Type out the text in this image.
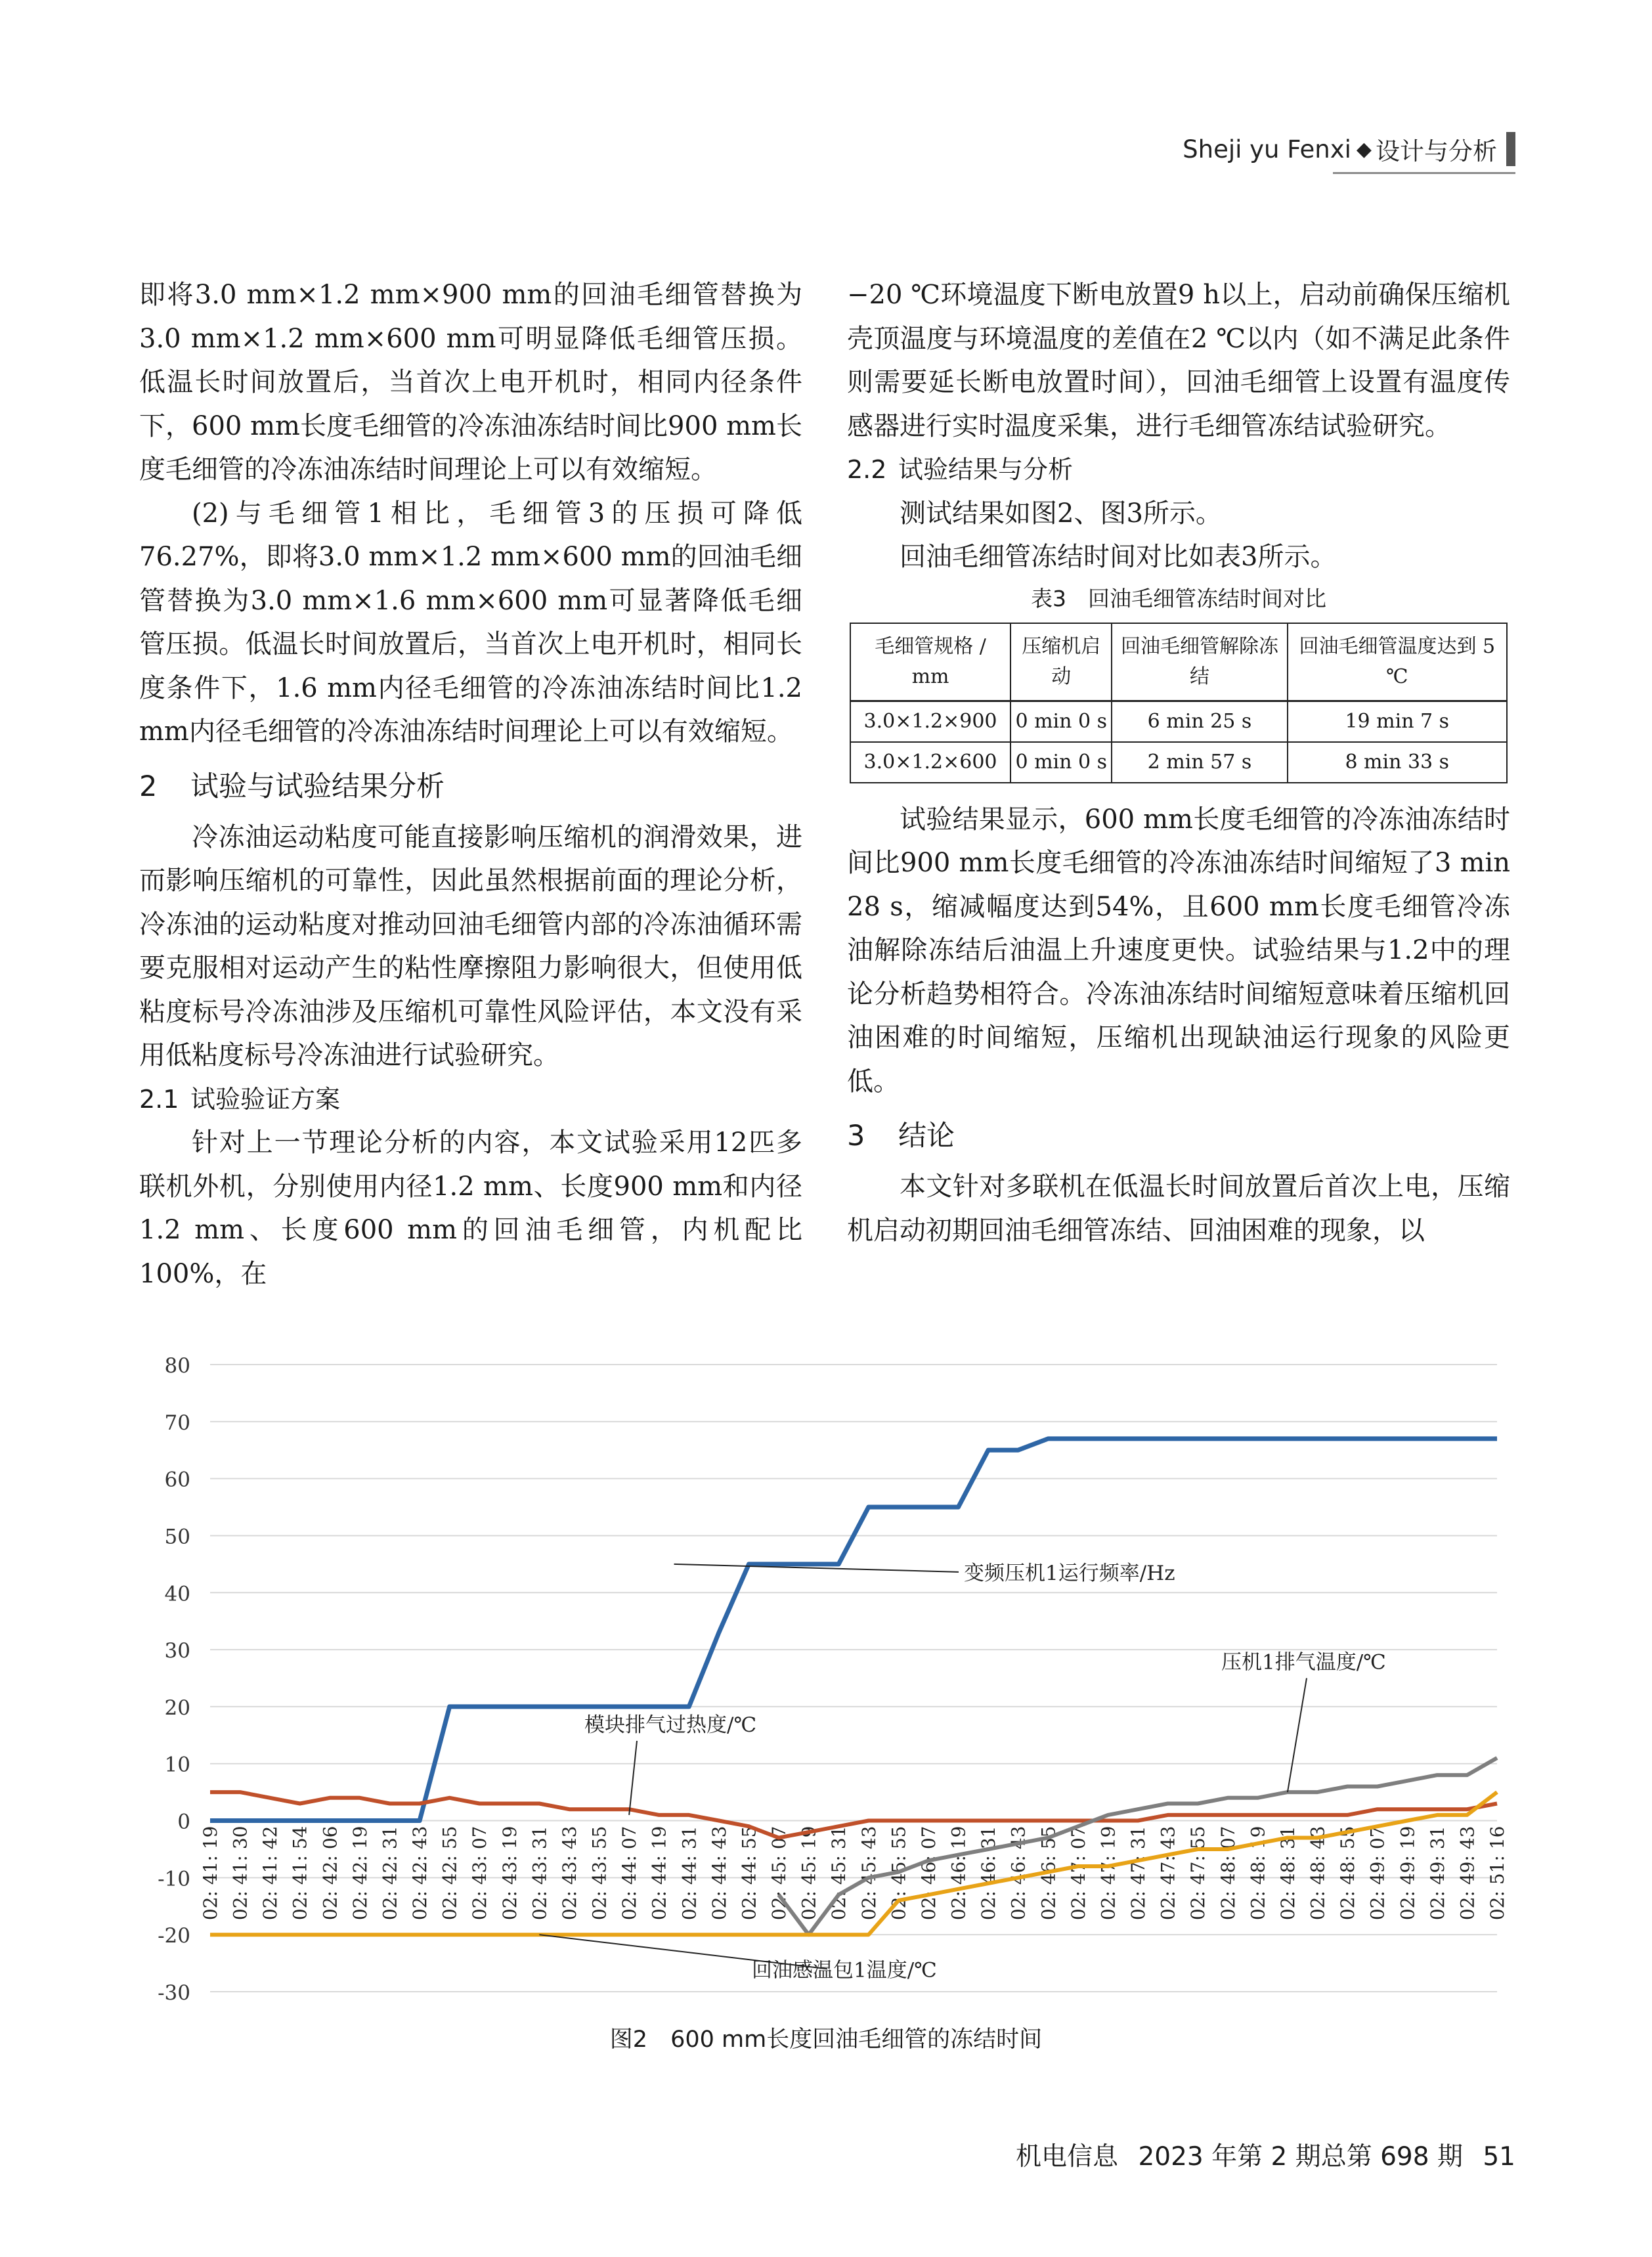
Sheji yu Fenxi ◆ 设计与分析

即将3.0 mm×1.2 mm×900 mm的回油毛细管替换为3.0 mm×1.2 mm×600 mm可明显降低毛细管压损。低温长时间放置后，当首次上电开机时，相同内径条件下，600 mm长度毛细管的冷冻油冻结时间比900 mm长度毛细管的冷冻油冻结时间理论上可以有效缩短。

(2)与毛细管1相比，毛细管3的压损可降低76.27%，即将3.0 mm×1.2 mm×600 mm的回油毛细管替换为3.0 mm×1.6 mm×600 mm可显著降低毛细管压损。低温长时间放置后，当首次上电开机时，相同长度条件下，1.6 mm内径毛细管的冷冻油冻结时间比1.2 mm内径毛细管的冷冻油冻结时间理论上可以有效缩短。

2 试验与试验结果分析

冷冻油运动粘度可能直接影响压缩机的润滑效果，进而影响压缩机的可靠性，因此虽然根据前面的理论分析，冷冻油的运动粘度对推动回油毛细管内部的冷冻油循环需要克服相对运动产生的粘性摩擦阻力影响很大，但使用低粘度标号冷冻油涉及压缩机可靠性风险评估，本文没有采用低粘度标号冷冻油进行试验研究。

2.1 试验验证方案

针对上一节理论分析的内容，本文试验采用12匹多联机外机，分别使用内径1.2 mm、长度900 mm和内径1.2 mm、长度600 mm的回油毛细管，内机配比100%，在

−20 ℃环境温度下断电放置9 h以上，启动前确保压缩机壳顶温度与环境温度的差值在2 ℃以内（如不满足此条件则需要延长断电放置时间），回油毛细管上设置有温度传感器进行实时温度采集，进行毛细管冻结试验研究。

2.2 试验结果与分析

测试结果如图2、图3所示。

回油毛细管冻结时间对比如表3所示。

表3　回油毛细管冻结时间对比
毛细管规格 / mm	压缩机启动	回油毛细管解除冻结	回油毛细管温度达到 5 ℃
3.0×1.2×900	0 min 0 s	6 min 25 s	19 min 7 s
3.0×1.2×600	0 min 0 s	2 min 57 s	8 min 33 s

试验结果显示，600 mm长度毛细管的冷冻油冻结时间比900 mm长度毛细管的冷冻油冻结时间缩短了3 min 28 s，缩减幅度达到54%，且600 mm长度毛细管冷冻油解除冻结后油温上升速度更快。试验结果与1.2中的理论分析趋势相符合。冷冻油冻结时间缩短意味着压缩机回油困难的时间缩短，压缩机出现缺油运行现象的风险更低。

3 结论

本文针对多联机在低温长时间放置后首次上电，压缩机启动初期回油毛细管冻结、回油困难的现象，以

80
70
60
50
40
30
20
10
0
-10
-20
-30
02: 41: 19 02: 41: 30 02: 41: 42 02: 41: 54 02: 42: 06 02: 42: 19 02: 42: 31 02: 42: 43 02: 42: 55 02: 43: 07 02: 43: 19 02: 43: 31 02: 43: 43 02: 43: 55 02: 44: 07 02: 44: 19 02: 44: 31 02: 44: 43 02: 44: 55 02: 45: 07 02: 45: 19 02: 45: 31 02: 45: 43 02: 45: 55 02: 46: 07 02: 46: 19 02: 46: 31 02: 46: 43 02: 46: 55 02: 47: 07 02: 47: 19 02: 47: 31 02: 47: 43 02: 47: 55 02: 48: 07 02: 48: 19 02: 48: 31 02: 48: 43 02: 48: 55 02: 49: 07 02: 49: 19 02: 49: 31 02: 49: 43 02: 51: 16
变频压机1运行频率/Hz
压机1排气温度/℃
模块排气过热度/℃
回油感温包1温度/℃
图2　600 mm长度回油毛细管的冻结时间
机电信息 2023 年第 2 期总第 698 期 51
